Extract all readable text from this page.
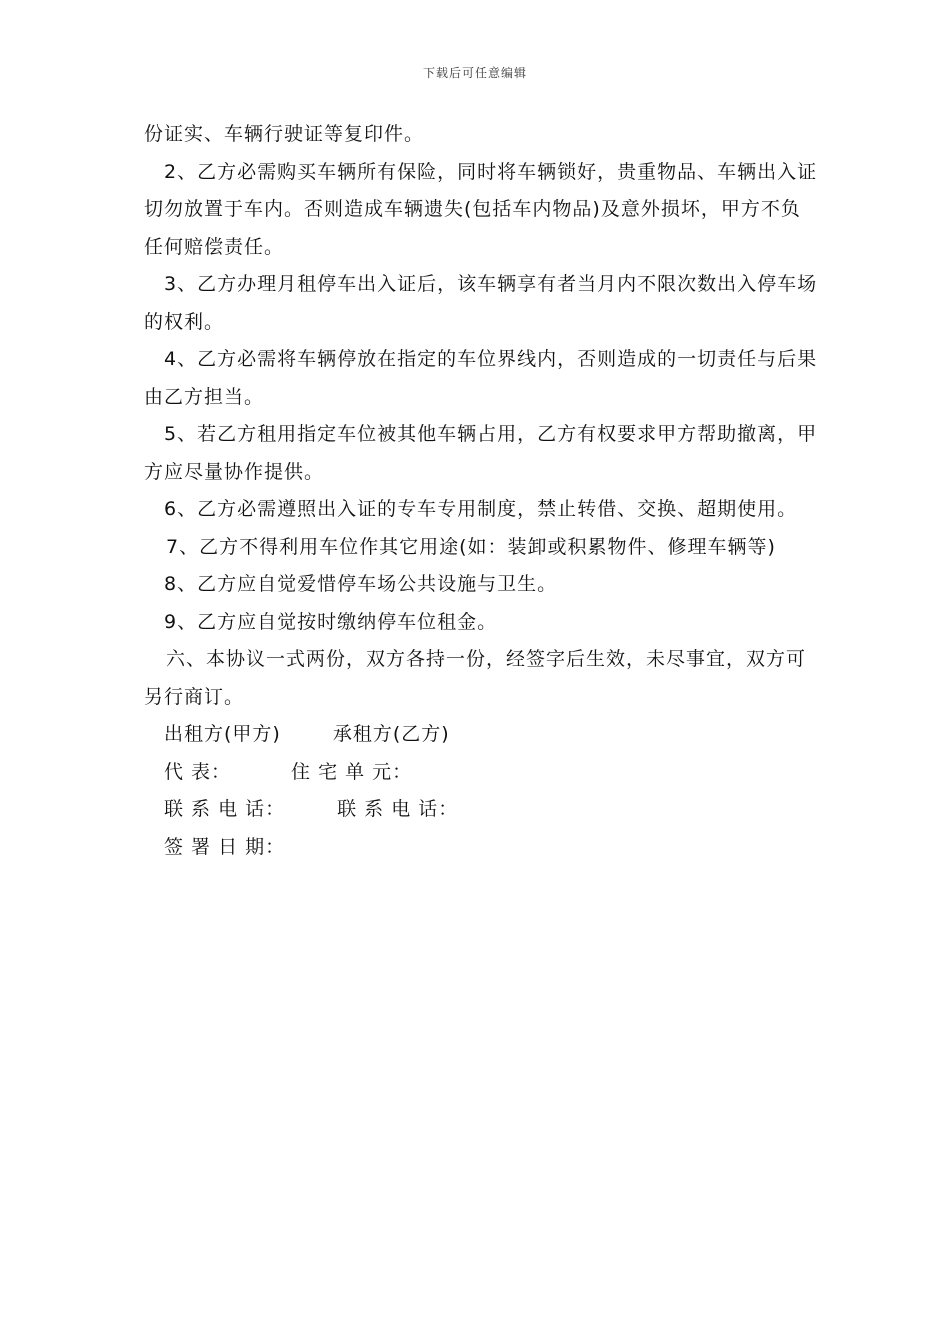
下载后可任意编辑

份证实、车辆行驶证等复印件。

2、乙方必需购买车辆所有保险，同时将车辆锁好，贵重物品、车辆出入证切勿放置于车内。否则造成车辆遗失(包括车内物品)及意外损坏，甲方不负任何赔偿责任。

3、乙方办理月租停车出入证后，该车辆享有者当月内不限次数出入停车场的权利。

4、乙方必需将车辆停放在指定的车位界线内，否则造成的一切责任与后果由乙方担当。

5、若乙方租用指定车位被其他车辆占用，乙方有权要求甲方帮助撤离，甲方应尽量协作提供。

6、乙方必需遵照出入证的专车专用制度，禁止转借、交换、超期使用。

7、乙方不得利用车位作其它用途(如：装卸或积累物件、修理车辆等)

8、乙方应自觉爱惜停车场公共设施与卫生。

9、乙方应自觉按时缴纳停车位租金。

六、本协议一式两份，双方各持一份，经签字后生效，未尽事宜，双方可另行商订。

出租方(甲方)	承租方(乙方)
代 表：	住 宅 单 元：
联 系 电 话：	联 系 电 话：
签 署 日 期：
